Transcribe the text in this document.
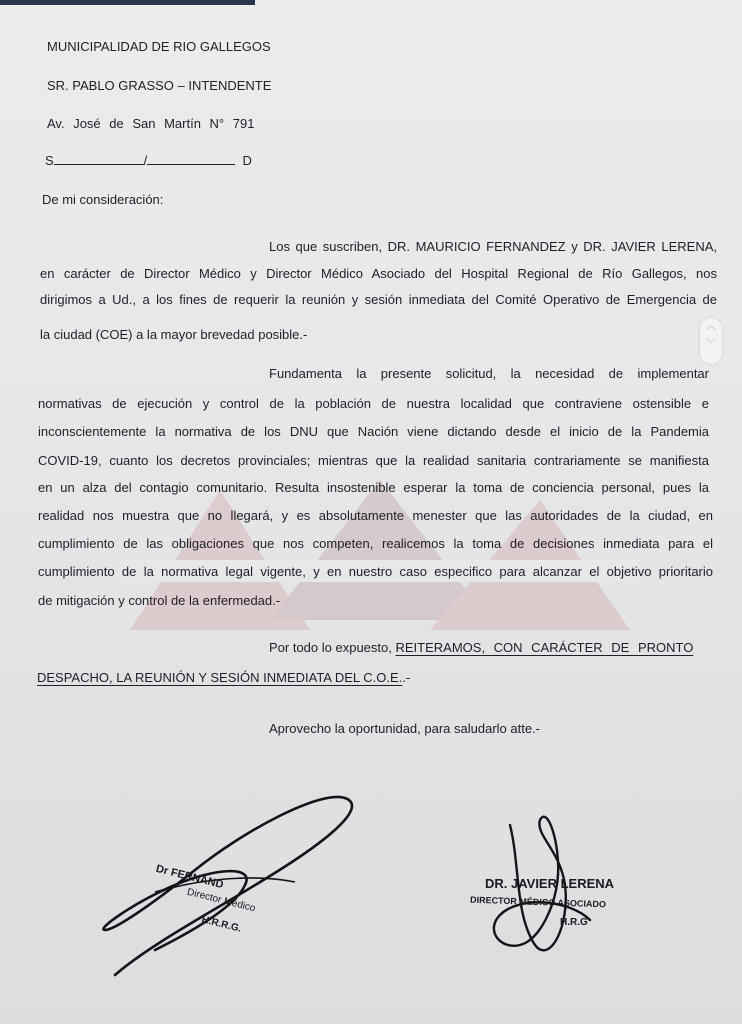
MUNICIPALIDAD DE RIO GALLEGOS
SR. PABLO GRASSO – INTENDENTE
Av. José de San Martín N° 791
S	/	D
De mi consideración:
Los que suscriben, DR. MAURICIO FERNANDEZ y DR. JAVIER LERENA,
en carácter de Director Médico y Director Médico Asociado del Hospital Regional de Río Gallegos, nos
dirigimos a Ud., a los fines de requerir la reunión y sesión inmediata del Comité Operativo de Emergencia de
la ciudad (COE) a la mayor brevedad posible.-
Fundamenta la presente solicitud, la necesidad de implementar
normativas de ejecución y control de la población de nuestra localidad que contraviene ostensible e
inconscientemente la normativa de los DNU que Nación viene dictando desde el inicio de la Pandemia
COVID-19, cuanto los decretos provinciales; mientras que la realidad sanitaria contrariamente se manifiesta
en un alza del contagio comunitario. Resulta insostenible esperar la toma de conciencia personal, pues la
realidad nos muestra que no llegará, y es absolutamente menester que las autoridades de la ciudad, en
cumplimiento de las obligaciones que nos competen, realicemos la toma de decisiones inmediata para el
cumplimiento de la normativa legal vigente, y en nuestro caso especifico para alcanzar el objetivo prioritario
de mitigación y control de la enfermedad.-
Por todo lo expuesto, REITERAMOS, CON CARÁCTER DE PRONTO
DESPACHO, LA REUNIÓN Y SESIÓN INMEDIATA DEL C.O.E..-
Aprovecho la oportunidad, para saludarlo atte.-
︿
﹀
Dr FERNAND
Director Médico
H.R.R.G.
DR. JAVIER LERENA
DIRECTOR MÉDICO ASOCIADO
H.R.G
